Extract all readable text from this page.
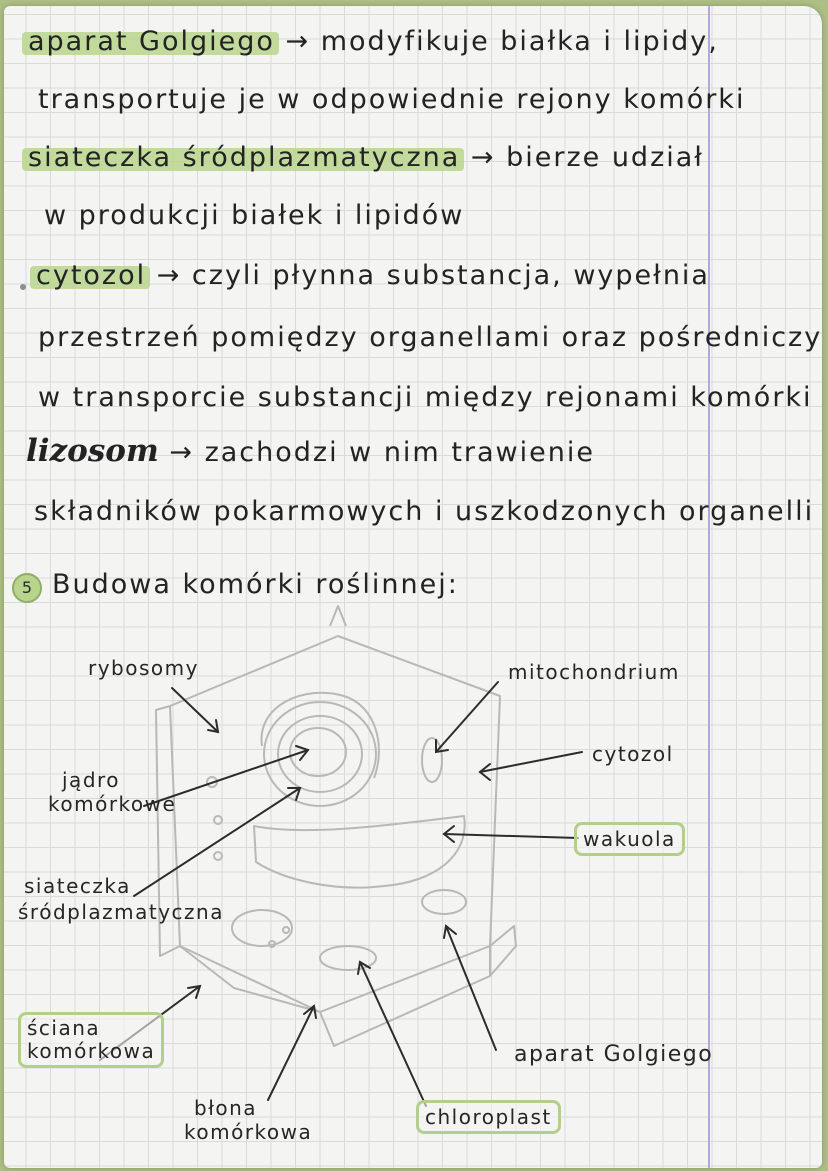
aparat Golgiego → modyfikuje białka i lipidy,

transportuje je w odpowiednie rejony komórki

siateczka śródplazmatyczna → bierze udział

w produkcji białek i lipidów

cytozol → czyli płynna substancja, wypełnia

przestrzeń pomiędzy organellami oraz pośredniczy

w transporcie substancji między rejonami komórki

lizosom → zachodzi w nim trawienie

składników pokarmowych i uszkodzonych organelli

5 Budowa komórki roślinnej:

rybosomy	mitochondrium
cytozol
jądro
komórkowe
wakuola
siateczka
śródplazmatyczna
ściana
komórkowa	aparat Golgiego
błona
komórkowa
chloroplast
